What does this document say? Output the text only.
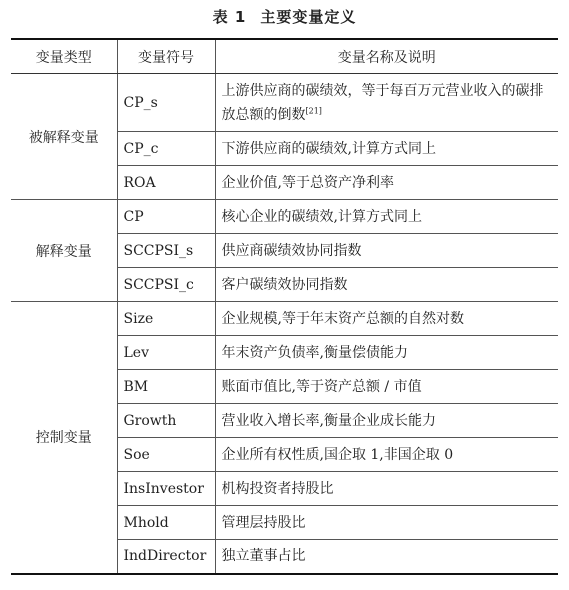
表 1 主要变量定义
变量类型	变量符号	变量名称及说明
被解释变量	CP_s	上游供应商的碳绩效，等于每百万元营业收入的碳排放总额的倒数[21]
	CP_c	下游供应商的碳绩效,计算方式同上
	ROA	企业价值,等于总资产净利率
解释变量	CP	核心企业的碳绩效,计算方式同上
	SCCPSI_s	供应商碳绩效协同指数
	SCCPSI_c	客户碳绩效协同指数
控制变量	Size	企业规模,等于年末资产总额的自然对数
	Lev	年末资产负债率,衡量偿债能力
	BM	账面市值比,等于资产总额 / 市值
	Growth	营业收入增长率,衡量企业成长能力
	Soe	企业所有权性质,国企取 1,非国企取 0
	InsInvestor	机构投资者持股比
	Mhold	管理层持股比
	IndDirector	独立董事占比
